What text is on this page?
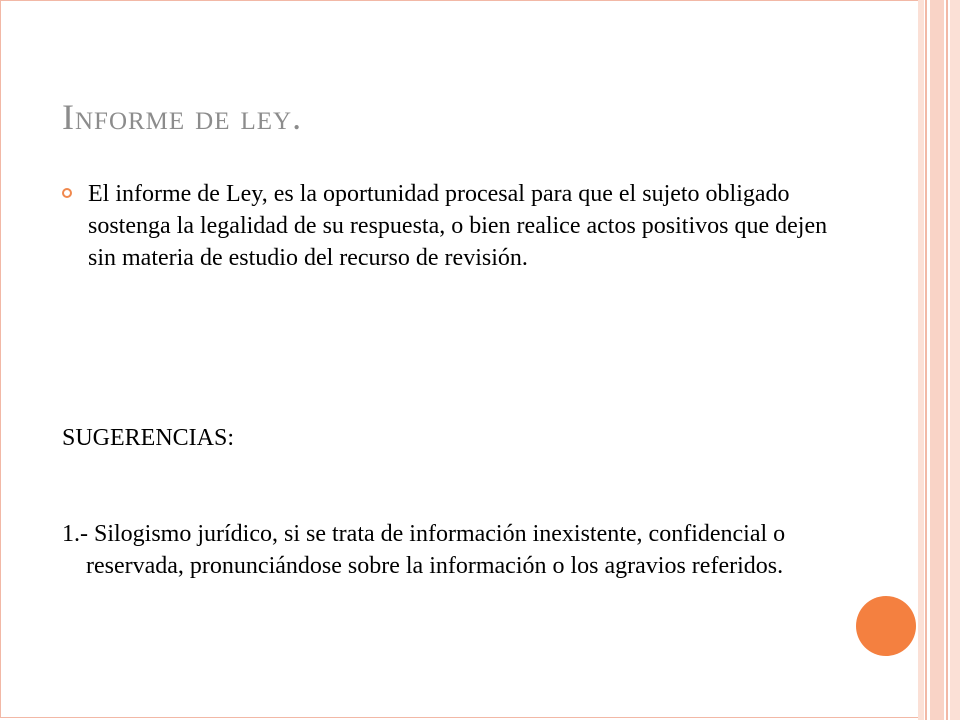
Informe de ley.

El informe de Ley, es la oportunidad procesal para que el sujeto obligado sostenga la legalidad de su respuesta, o bien realice actos positivos que dejen sin materia de estudio del recurso de revisión.

SUGERENCIAS:

1.- Silogismo jurídico, si se trata de información inexistente, confidencial o reservada, pronunciándose sobre la información o los agravios referidos.
